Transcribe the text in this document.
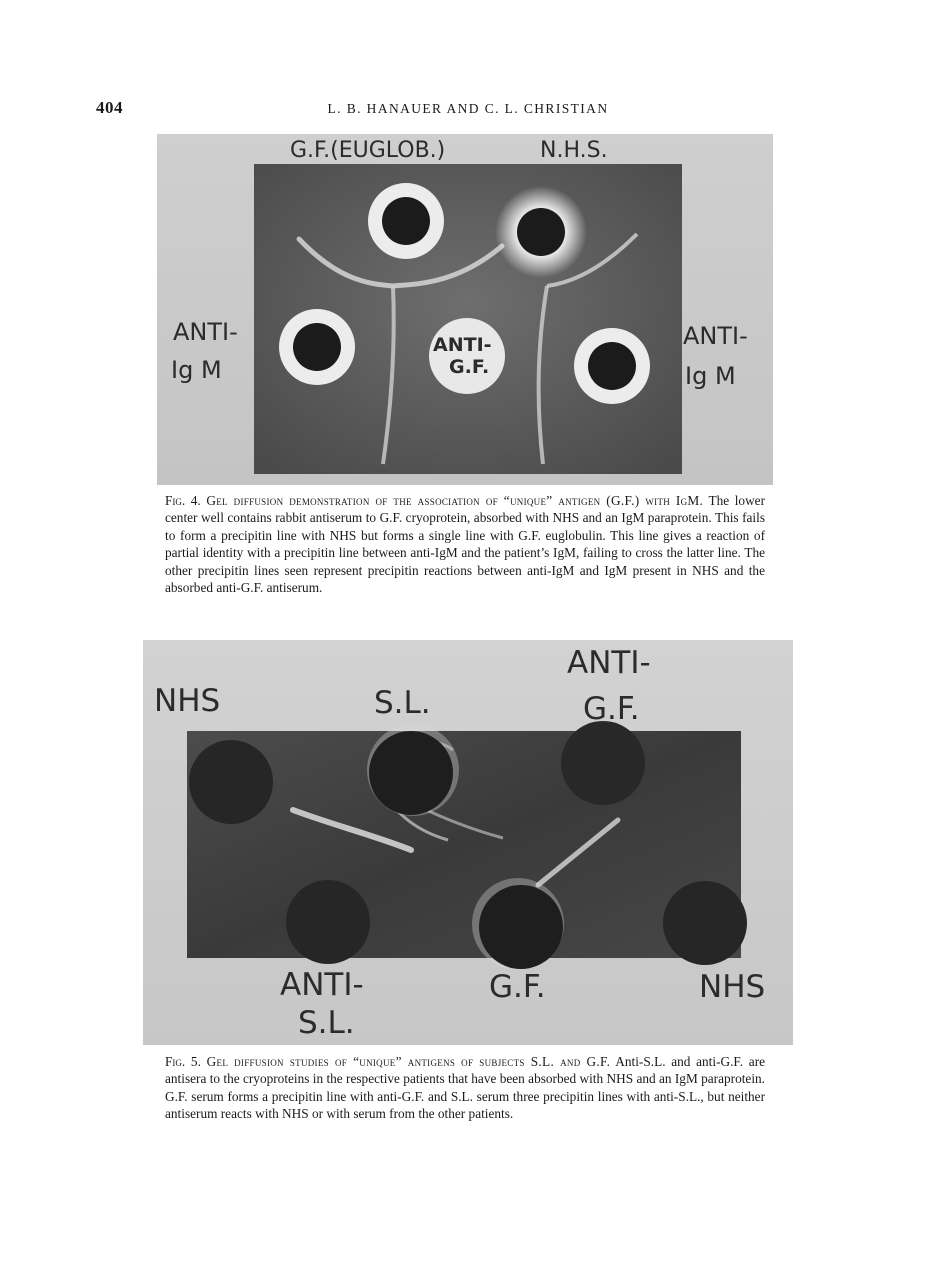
404	L. B. HANAUER AND C. L. CHRISTIAN
G.F.(EUGLOB.)	N.H.S.
ANTI-
Ig M
ANTI-
Ig M
ANTI-
G.F.
Fig. 4. Gel diffusion demonstration of the association of “unique” antigen (G.F.) with IgM. The lower center well contains rabbit antiserum to G.F. cryoprotein, absorbed with NHS and an IgM paraprotein. This fails to form a precipitin line with NHS but forms a single line with G.F. euglobulin. This line gives a reaction of partial identity with a precipitin line between anti-IgM and the patient’s IgM, failing to cross the latter line. The other precipitin lines seen represent precipitin reactions between anti-IgM and IgM present in NHS and the absorbed anti-G.F. antiserum.
NHS	S.L.
ANTI-
G.F.
ANTI-
S.L.
G.F.	NHS
Fig. 5. Gel diffusion studies of “unique” antigens of subjects S.L. and G.F. Anti-S.L. and anti-G.F. are antisera to the cryoproteins in the respective patients that have been absorbed with NHS and an IgM paraprotein. G.F. serum forms a precipitin line with anti-G.F. and S.L. serum three precipitin lines with anti-S.L., but neither antiserum reacts with NHS or with serum from the other patients.
